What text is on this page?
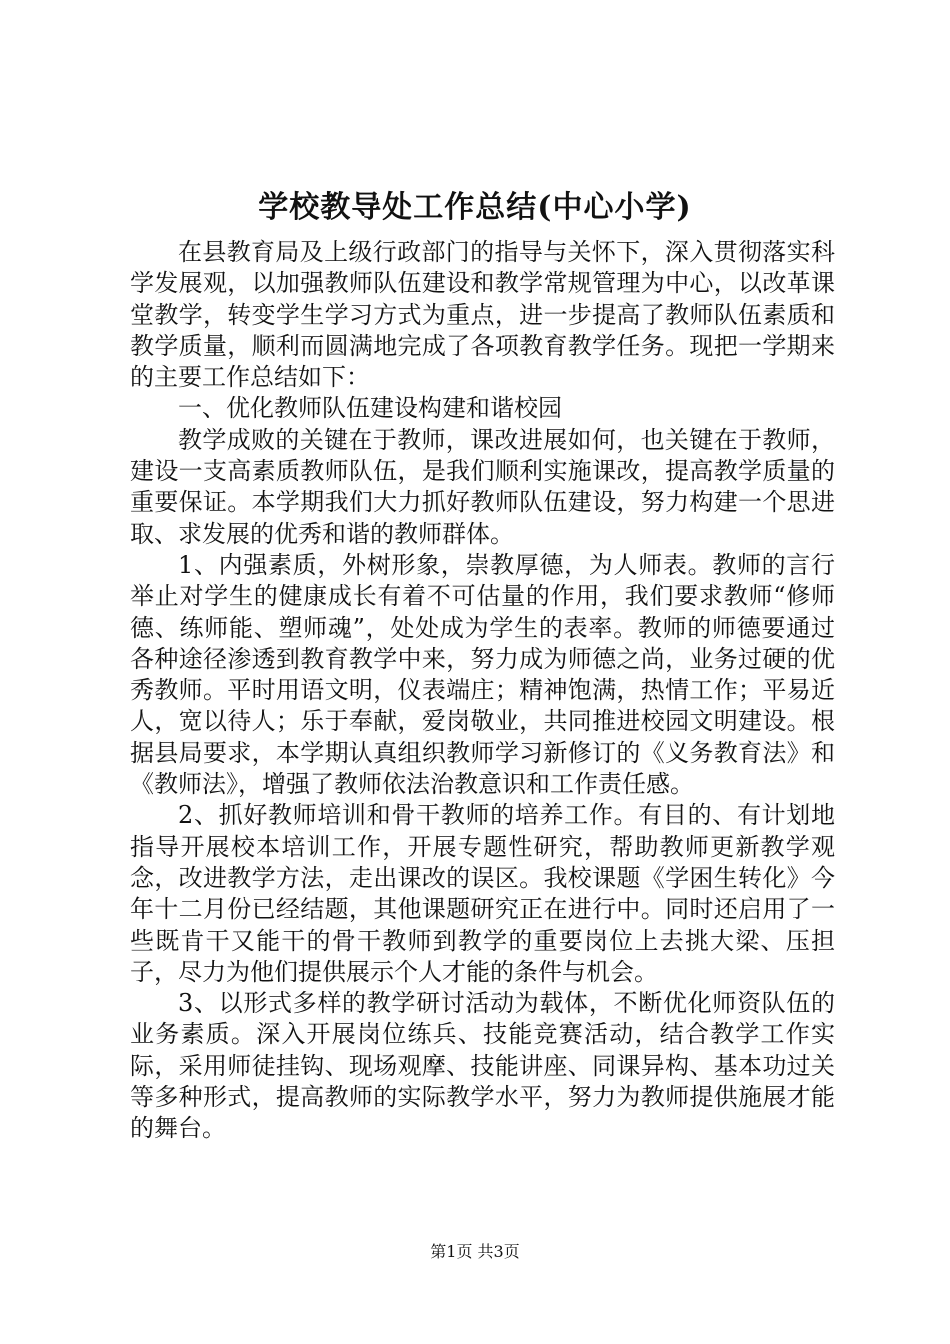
学校教导处工作总结(中心小学)

在县教育局及上级行政部门的指导与关怀下，深入贯彻落实科学发展观，以加强教师队伍建设和教学常规管理为中心，以改革课堂教学，转变学生学习方式为重点，进一步提高了教师队伍素质和教学质量，顺利而圆满地完成了各项教育教学任务。现把一学期来的主要工作总结如下：

一、优化教师队伍建设构建和谐校园

教学成败的关键在于教师，课改进展如何，也关键在于教师，建设一支高素质教师队伍，是我们顺利实施课改，提高教学质量的重要保证。本学期我们大力抓好教师队伍建设，努力构建一个思进取、求发展的优秀和谐的教师群体。

1、内强素质，外树形象，崇教厚德，为人师表。教师的言行举止对学生的健康成长有着不可估量的作用，我们要求教师“修师德、练师能、塑师魂”，处处成为学生的表率。教师的师德要通过各种途径渗透到教育教学中来，努力成为师德之尚，业务过硬的优秀教师。平时用语文明，仪表端庄；精神饱满，热情工作；平易近人，宽以待人；乐于奉献，爱岗敬业，共同推进校园文明建设。根据县局要求，本学期认真组织教师学习新修订的《义务教育法》和《教师法》，增强了教师依法治教意识和工作责任感。

2、抓好教师培训和骨干教师的培养工作。有目的、有计划地指导开展校本培训工作，开展专题性研究，帮助教师更新教学观念，改进教学方法，走出课改的误区。我校课题《学困生转化》今年十二月份已经结题，其他课题研究正在进行中。同时还启用了一些既肯干又能干的骨干教师到教学的重要岗位上去挑大梁、压担子，尽力为他们提供展示个人才能的条件与机会。

3、以形式多样的教学研讨活动为载体，不断优化师资队伍的业务素质。深入开展岗位练兵、技能竞赛活动，结合教学工作实际，采用师徒挂钩、现场观摩、技能讲座、同课异构、基本功过关等多种形式，提高教师的实际教学水平，努力为教师提供施展才能的舞台。

第1页 共3页
